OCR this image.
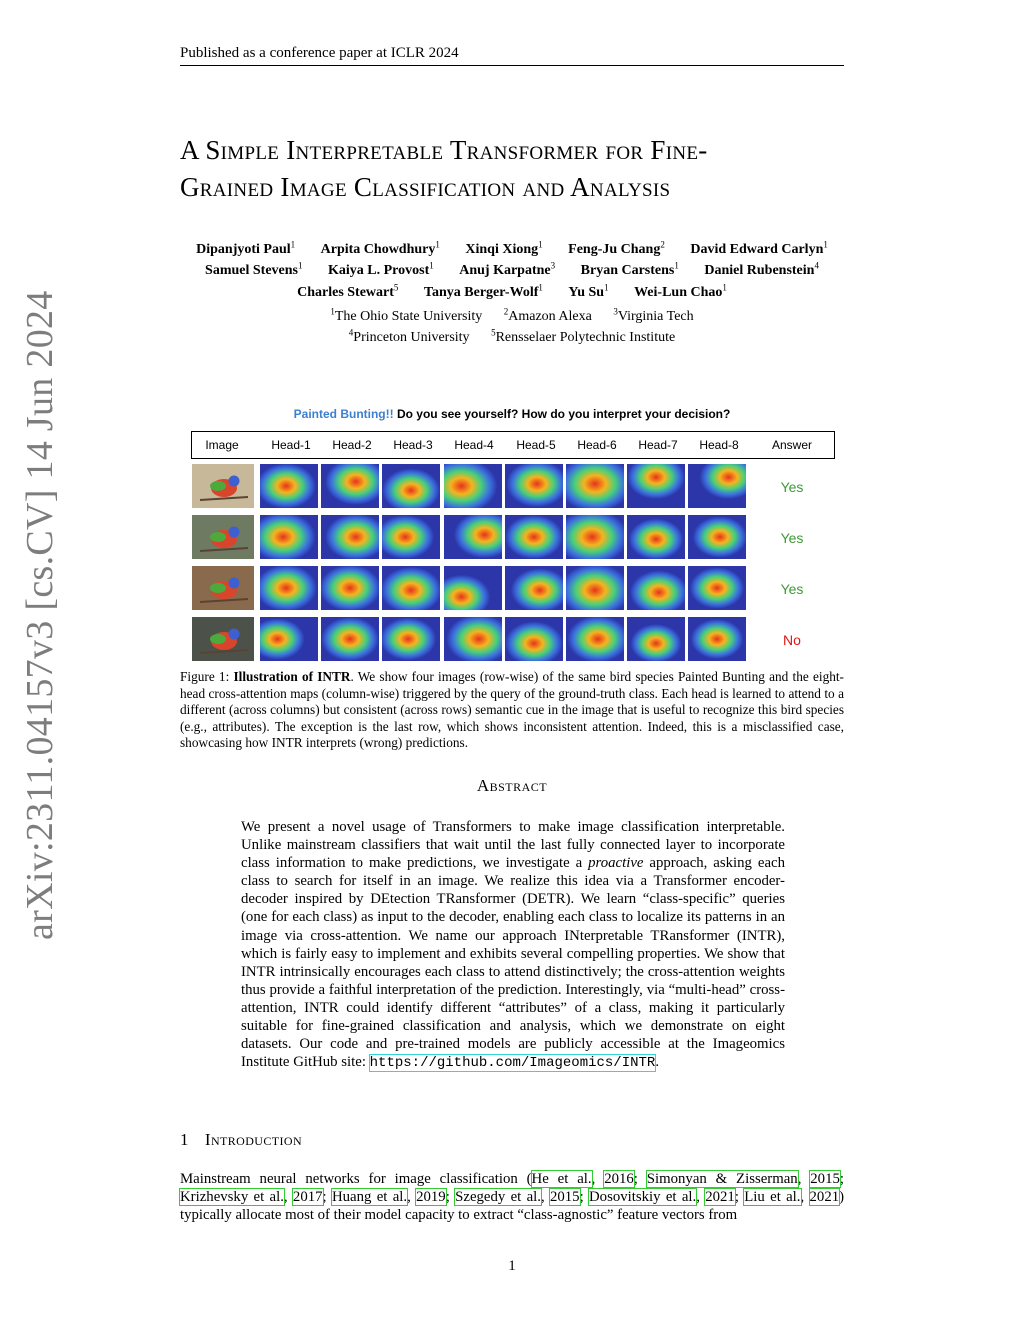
Published as a conference paper at ICLR 2024
A Simple Interpretable Transformer for Fine-
Grained Image Classification and Analysis
Dipanjyoti Paul$^1$ Arpita Chowdhury$^1$ Xinqi Xiong$^1$ Feng-Ju Chang$^2$ David Edward Carlyn$^1$
Samuel Stevens$^1$ Kaiya L. Provost$^1$ Anuj Karpatne$^3$ Bryan Carstens$^1$ Daniel Rubenstein$^4$
Charles Stewart$^5$ Tanya Berger-Wolf$^1$ Yu Su$^1$ Wei-Lun Chao$^1$
$^1$The Ohio State University $^2$Amazon Alexa $^3$Virginia Tech
$^4$Princeton University $^5$Rensselaer Polytechnic Institute
arXiv:2311.04157v3 [cs.CV] 14 Jun 2024	Painted Bunting!! Do you see yourself? How do you interpret your decision?
Image	Head-1 Head-2 Head-3 Head-4 Head-5 Head-6 Head-7 Head-8	Answer
Yes
Yes
Yes
No
Figure 1: Illustration of INTR. We show four images (row-wise) of the same bird species Painted Bunting and the eight-head cross-attention maps (column-wise) triggered by the query of the ground-truth class. Each head is learned to attend to a different (across columns) but consistent (across rows) semantic cue in the image that is useful to recognize this bird species (e.g., attributes). The exception is the last row, which shows inconsistent attention. Indeed, this is a misclassified case, showcasing how INTR interprets (wrong) predictions.
Abstract
We present a novel usage of Transformers to make image classification interpretable. Unlike mainstream classifiers that wait until the last fully connected layer to incorporate class information to make predictions, we investigate a proactive approach, asking each class to search for itself in an image. We realize this idea via a Transformer encoder-decoder inspired by DEtection TRansformer (DETR). We learn “class-specific” queries (one for each class) as input to the decoder, enabling each class to localize its patterns in an image via cross-attention. We name our approach INterpretable TRansformer (INTR), which is fairly easy to implement and exhibits several compelling properties. We show that INTR intrinsically encourages each class to attend distinctively; the cross-attention weights thus provide a faithful interpretation of the prediction. Interestingly, via “multi-head” cross-attention, INTR could identify different “attributes” of a class, making it particularly suitable for fine-grained classification and analysis, which we demonstrate on eight datasets. Our code and pre-trained models are publicly accessible at the Imageomics Institute GitHub site: https://github.com/Imageomics/INTR.
1 Introduction
Mainstream neural networks for image classification (He et al., 2016; Simonyan & Zisserman, 2015; Krizhevsky et al., 2017; Huang et al., 2019; Szegedy et al., 2015; Dosovitskiy et al., 2021; Liu et al., 2021) typically allocate most of their model capacity to extract “class-agnostic” feature vectors from
1
